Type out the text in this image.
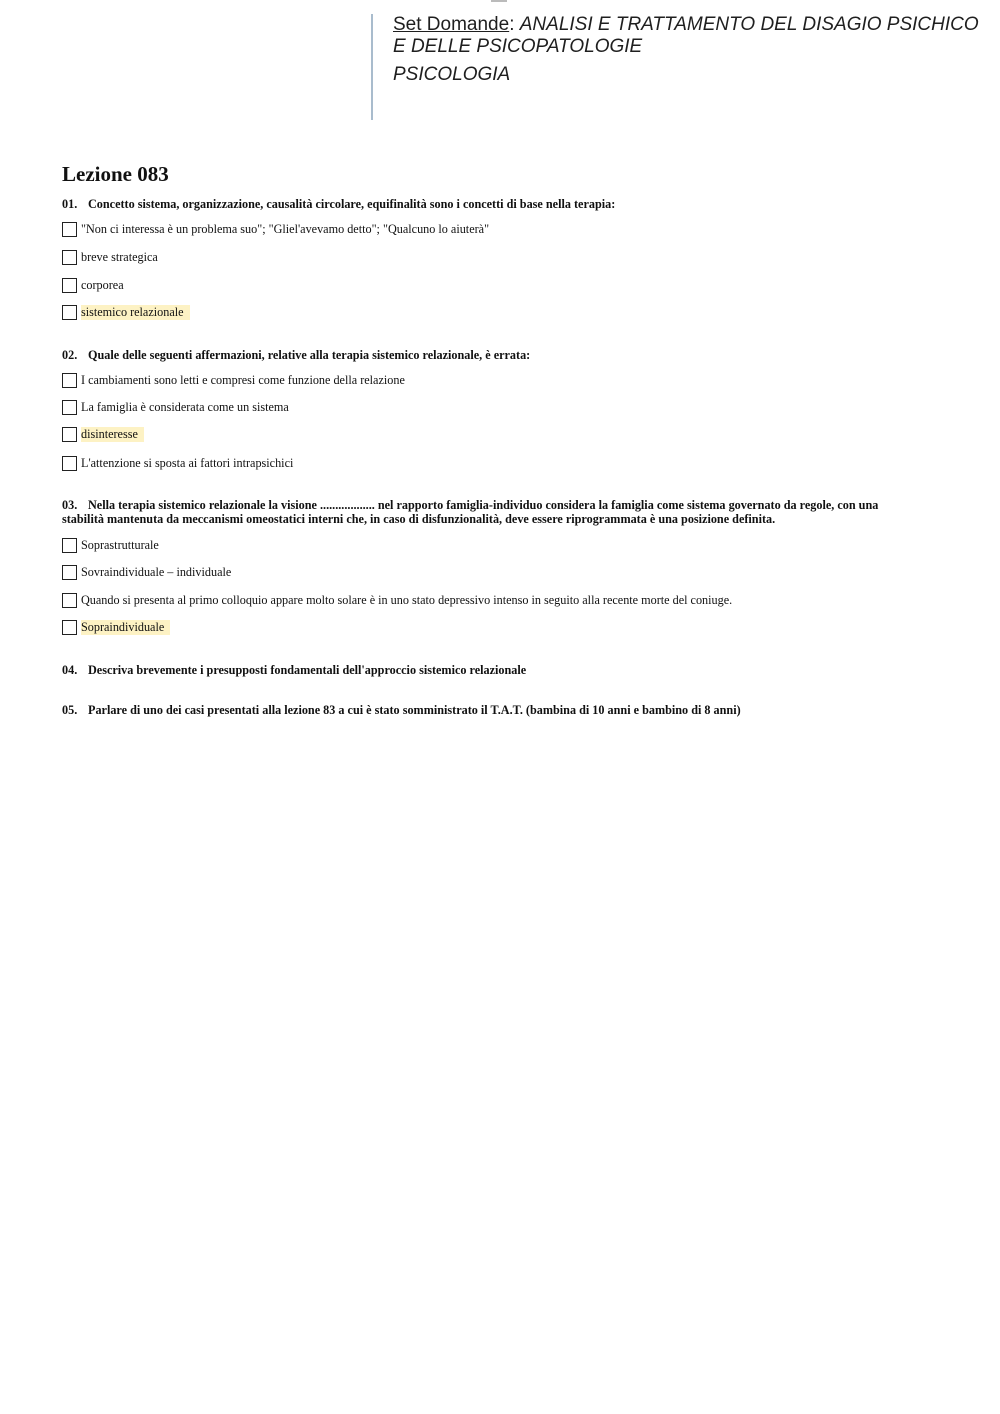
Set Domande: ANALISI E TRATTAMENTO DEL DISAGIO PSICHICO E DELLE PSICOPATOLOGIE
PSICOLOGIA
Lezione 083
01. Concetto sistema, organizzazione, causalità circolare, equifinalità sono i concetti di base nella terapia:
"Non ci interessa è un problema suo"; "Gliel'avevamo detto"; "Qualcuno lo aiuterà"
breve strategica
corporea
sistemico relazionale
02. Quale delle seguenti affermazioni, relative alla terapia sistemico relazionale, è errata:
I cambiamenti sono letti e compresi come funzione della relazione
La famiglia è considerata come un sistema
disinteresse
L'attenzione si sposta ai fattori intrapsichici
03. Nella terapia sistemico relazionale la visione .................. nel rapporto famiglia-individuo considera la famiglia come sistema governato da regole, con una stabilità mantenuta da meccanismi omeostatici interni che, in caso di disfunzionalità, deve essere riprogrammata è una posizione definita.
Soprastrutturale
Sovraindividuale – individuale
Quando si presenta al primo colloquio appare molto solare è in uno stato depressivo intenso in seguito alla recente morte del coniuge.
Sopraindividuale
04. Descriva brevemente i presupposti fondamentali dell'approccio sistemico relazionale
05. Parlare di uno dei casi presentati alla lezione 83 a cui è stato somministrato il T.A.T. (bambina di 10 anni e bambino di 8 anni)
